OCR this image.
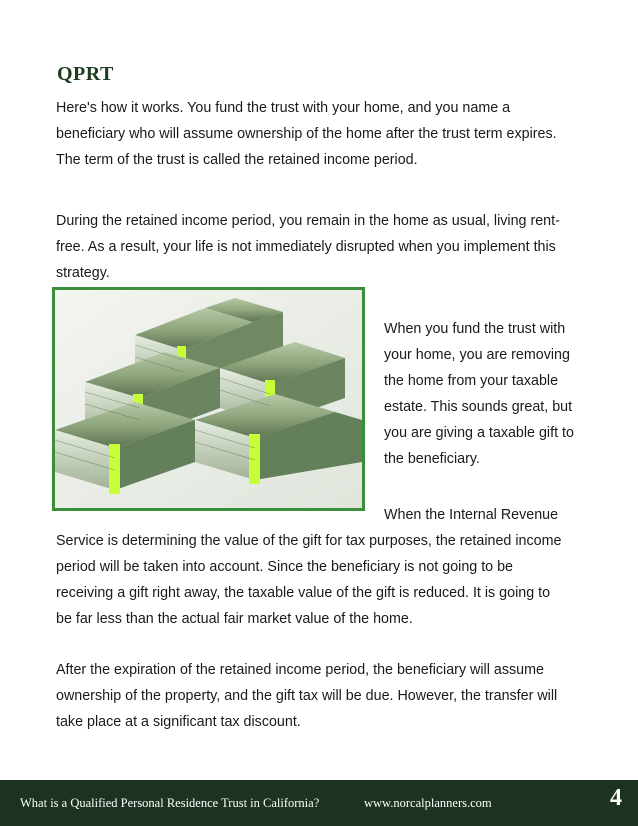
QPRT
Here's how it works. You fund the trust with your home, and you name a
beneficiary who will assume ownership of the home after the trust term expires.
The term of the trust is called the retained income period.
During the retained income period, you remain in the home as usual, living rent-
free. As a result, your life is not immediately disrupted when you implement this
strategy.
When you fund the trust with
your home, you are removing
the home from your taxable
estate. This sounds great, but
you are giving a taxable gift to
the beneficiary.
When the Internal Revenue
Service is determining the value of the gift for tax purposes, the retained income
period will be taken into account. Since the beneficiary is not going to be
receiving a gift right away, the taxable value of the gift is reduced. It is going to
be far less than the actual fair market value of the home.
After the expiration of the retained income period, the beneficiary will assume
ownership of the property, and the gift tax will be due. However, the transfer will
take place at a significant tax discount.
What is a Qualified Personal Residence Trust in California?	www.norcalplanners.com	4
